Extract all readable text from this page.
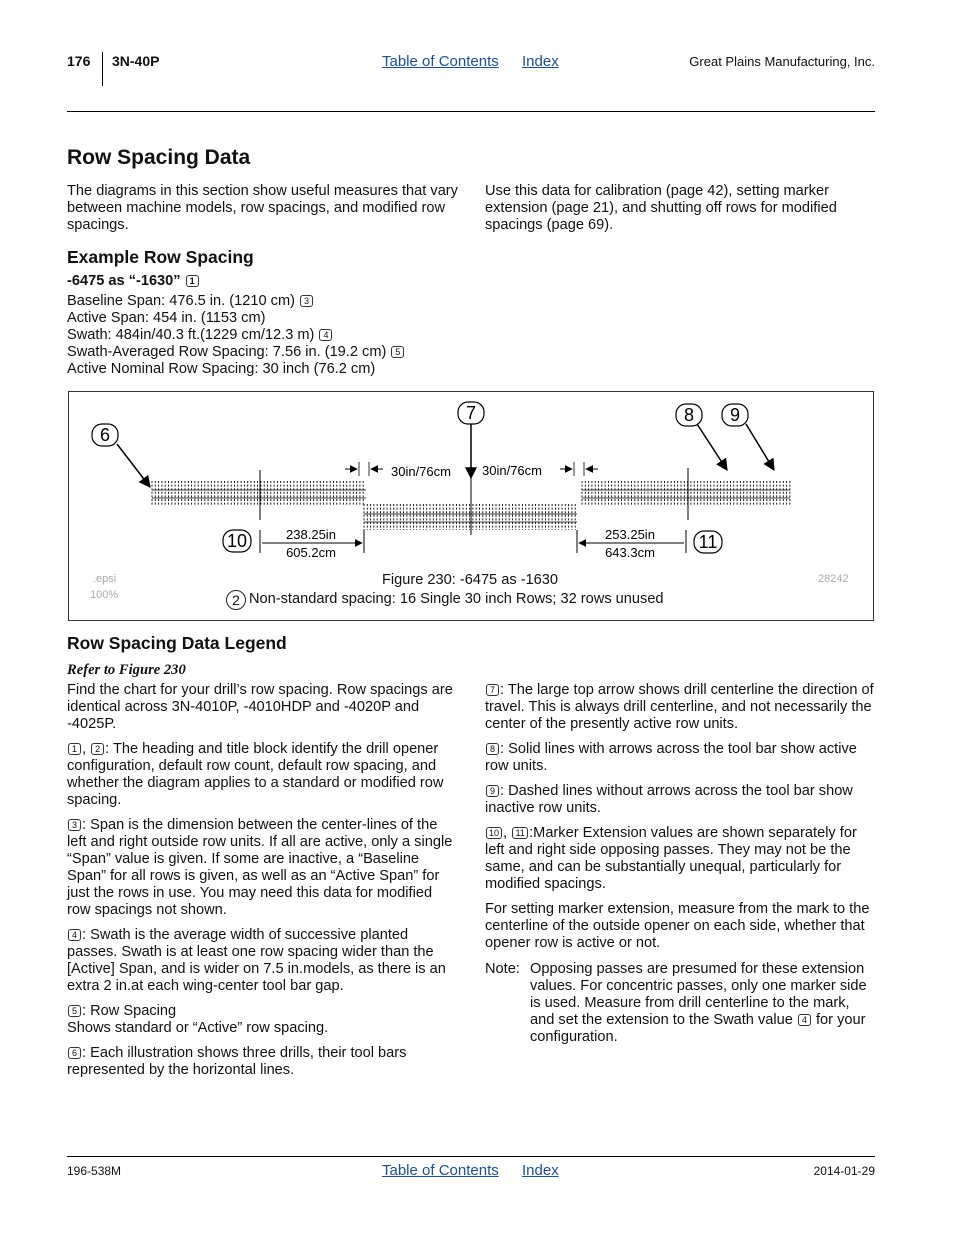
176 3N-40P	Table of Contents Index	Great Plains Manufacturing, Inc.
Row Spacing Data

The diagrams in this section show useful measures that vary between machine models, row spacings, and modified row spacings.

Use this data for calibration (page 42), setting marker extension (page 21), and shutting off rows for modified spacings (page 69).

Example Row Spacing
-6475 as “-1630” 1
Baseline Span: 476.5 in. (1210 cm) 3
Active Span: 454 in. (1153 cm)
Swath: 484in/40.3 ft.(1229 cm/12.3 m) 4
Swath-Averaged Row Spacing: 7.56 in. (19.2 cm) 5
Active Nominal Row Spacing: 30 inch (76.2 cm)
6
7	8 9
30in/76cm 30in/76cm
10	238.25in
605.2cm
253.25in
643.3cm
11
.epsi
100%
28242
Figure 230: -6475 as -1630
2 Non-standard spacing: 16 Single 30 inch Rows; 32 rows unused
Row Spacing Data Legend
Refer to Figure 230

Find the chart for your drill’s row spacing. Row spacings are identical across 3N-4010P, -4010HDP and -4020P and -4025P.

1 , 2 : The heading and title block identify the drill opener configuration, default row count, default row spacing, and whether the diagram applies to a standard or modified row spacing.

3 : Span is the dimension between the center-lines of the left and right outside row units. If all are active, only a single “Span” value is given. If some are inactive, a “Baseline Span” for all rows is given, as well as an “Active Span” for just the rows in use. You may need this data for modified row spacings not shown.

4 : Swath is the average width of successive planted passes. Swath is at least one row spacing wider than the [Active] Span, and is wider on 7.5 in.models, as there is an extra 2 in.at each wing-center tool bar gap.

5 : Row Spacing
Shows standard or “Active” row spacing.

6 : Each illustration shows three drills, their tool bars represented by the horizontal lines.

7 : The large top arrow shows drill centerline the direction of travel. This is always drill centerline, and not necessarily the center of the presently active row units.

8 : Solid lines with arrows across the tool bar show active row units.

9 : Dashed lines without arrows across the tool bar show inactive row units.

10 , 11 :Marker Extension values are shown separately for left and right side opposing passes. They may not be the same, and can be substantially unequal, particularly for modified spacings.

For setting marker extension, measure from the mark to the centerline of the outside opener on each side, whether that opener row is active or not.

Note: Opposing passes are presumed for these extension values. For concentric passes, only one marker side is used. Measure from drill centerline to the mark, and set the extension to the Swath value 4 for your configuration.
196-538M	Table of Contents Index	2014-01-29
